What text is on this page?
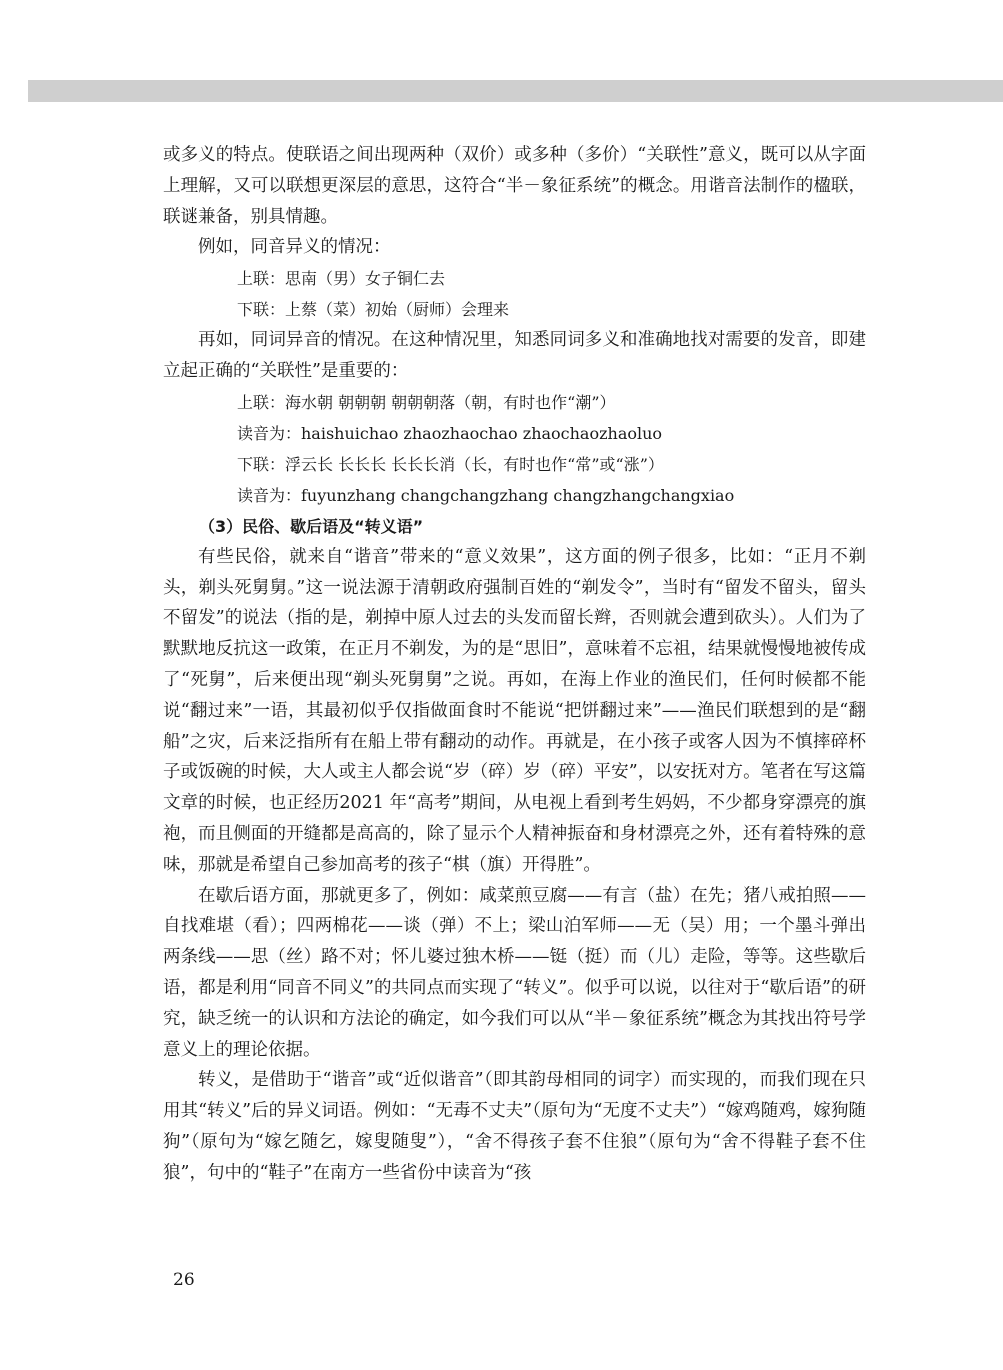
或多义的特点。使联语之间出现两种（双价）或多种（多价）“关联性”意义，既可以从字面上理解，又可以联想更深层的意思，这符合“半－象征系统”的概念。用谐音法制作的楹联，联谜兼备，别具情趣。

例如，同音异义的情况：

上联：思南（男）女子铜仁去

下联：上蔡（菜）初始（厨师）会理来

再如，同词异音的情况。在这种情况里，知悉同词多义和准确地找对需要的发音，即建立起正确的“关联性”是重要的：

上联：海水朝 朝朝朝 朝朝朝落（朝，有时也作“潮”）

读音为：haishuichao zhaozhaochao zhaochaozhaoluo

下联：浮云长 长长长 长长长消（长，有时也作“常”或“涨”）

读音为：fuyunzhang changchangzhang changzhangchangxiao

（3）民俗、歇后语及“转义语”

有些民俗，就来自“谐音”带来的“意义效果”，这方面的例子很多，比如：“正月不剃头，剃头死舅舅。”这一说法源于清朝政府强制百姓的“剃发令”，当时有“留发不留头，留头不留发”的说法（指的是，剃掉中原人过去的头发而留长辫，否则就会遭到砍头）。人们为了默默地反抗这一政策，在正月不剃发，为的是“思旧”，意味着不忘祖，结果就慢慢地被传成了“死舅”，后来便出现“剃头死舅舅”之说。再如，在海上作业的渔民们，任何时候都不能说“翻过来”一语，其最初似乎仅指做面食时不能说“把饼翻过来”——渔民们联想到的是“翻船”之灾，后来泛指所有在船上带有翻动的动作。再就是，在小孩子或客人因为不慎摔碎杯子或饭碗的时候，大人或主人都会说“岁（碎）岁（碎）平安”，以安抚对方。笔者在写这篇文章的时候，也正经历2021 年“高考”期间，从电视上看到考生妈妈，不少都身穿漂亮的旗袍，而且侧面的开缝都是高高的，除了显示个人精神振奋和身材漂亮之外，还有着特殊的意味，那就是希望自己参加高考的孩子“棋（旗）开得胜”。

在歇后语方面，那就更多了，例如：咸菜煎豆腐——有言（盐）在先；猪八戒拍照——自找难堪（看）；四两棉花——谈（弹）不上；梁山泊军师——无（吴）用；一个墨斗弹出两条线——思（丝）路不对；怀儿婆过独木桥——铤（挺）而（儿）走险，等等。这些歇后语，都是利用“同音不同义”的共同点而实现了“转义”。似乎可以说，以往对于“歇后语”的研究，缺乏统一的认识和方法论的确定，如今我们可以从“半－象征系统”概念为其找出符号学意义上的理论依据。

转义，是借助于“谐音”或“近似谐音”（即其韵母相同的词字）而实现的，而我们现在只用其“转义”后的异义词语。例如：“无毒不丈夫”（原句为“无度不丈夫”）“嫁鸡随鸡，嫁狗随狗”（原句为“嫁乞随乞，嫁叟随叟”），“舍不得孩子套不住狼”（原句为“舍不得鞋子套不住狼”，句中的“鞋子”在南方一些省份中读音为“孩

26
